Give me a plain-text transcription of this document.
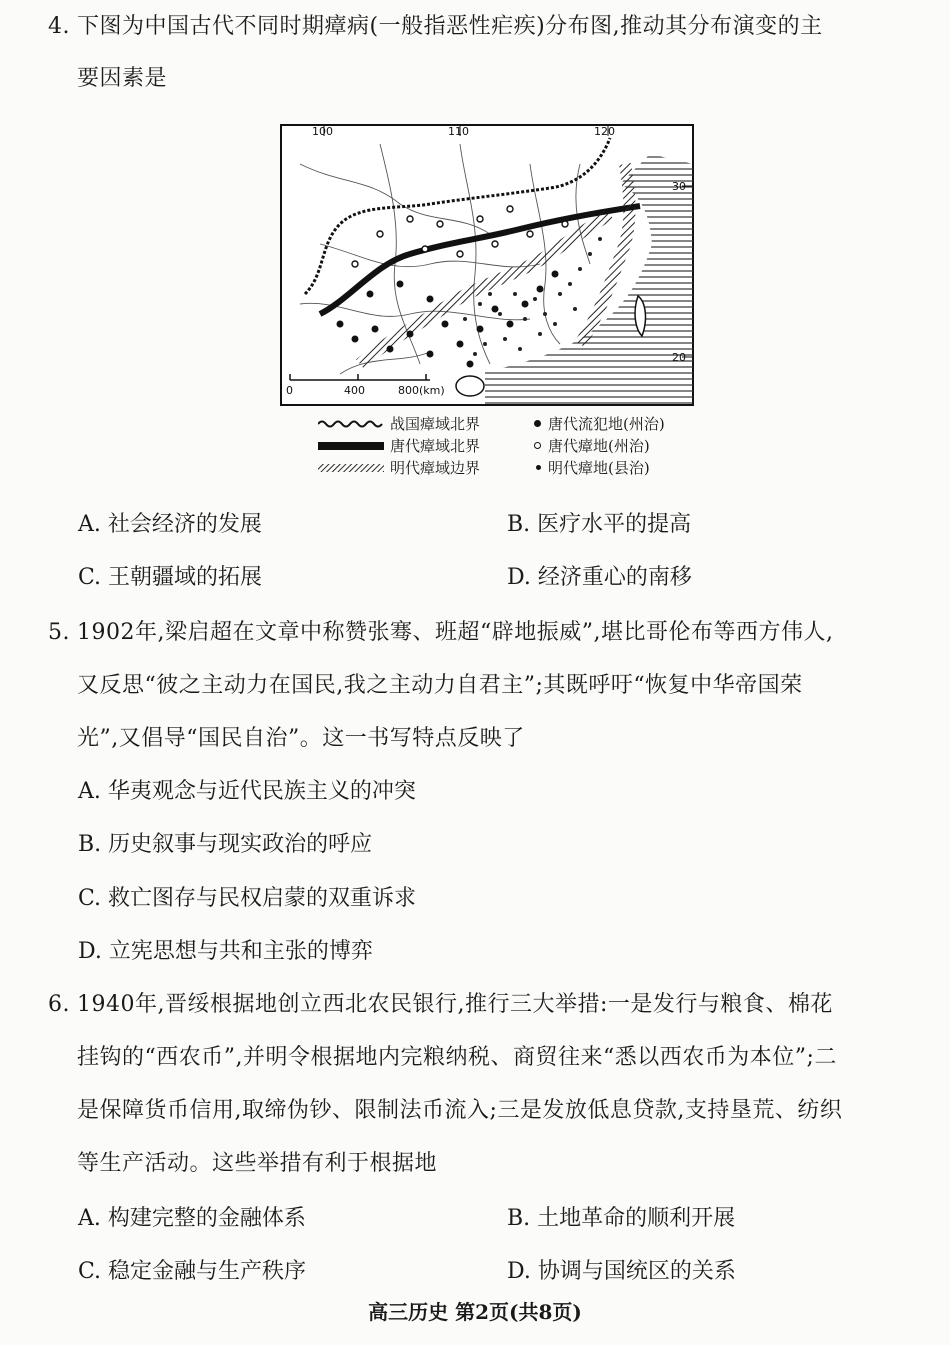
4. 下图为中国古代不同时期瘴病(一般指恶性疟疾)分布图,推动其分布演变的主
要因素是
100	110	120
30
20
0	400	800(km)
战国瘴域北界
唐代瘴域北界
明代瘴域边界
唐代流犯地(州治)
唐代瘴地(州治)
明代瘴地(县治)
A. 社会经济的发展	B. 医疗水平的提高
C. 王朝疆域的拓展	D. 经济重心的南移
5. 1902年,梁启超在文章中称赞张骞、班超“辟地振威”,堪比哥伦布等西方伟人,
又反思“彼之主动力在国民,我之主动力自君主”;其既呼吁“恢复中华帝国荣
光”,又倡导“国民自治”。这一书写特点反映了
A. 华夷观念与近代民族主义的冲突
B. 历史叙事与现实政治的呼应
C. 救亡图存与民权启蒙的双重诉求
D. 立宪思想与共和主张的博弈
6. 1940年,晋绥根据地创立西北农民银行,推行三大举措:一是发行与粮食、棉花
挂钩的“西农币”,并明令根据地内完粮纳税、商贸往来“悉以西农币为本位”;二
是保障货币信用,取缔伪钞、限制法币流入;三是发放低息贷款,支持垦荒、纺织
等生产活动。这些举措有利于根据地
A. 构建完整的金融体系	B. 土地革命的顺利开展
C. 稳定金融与生产秩序	D. 协调与国统区的关系
高三历史 第2页(共8页)
